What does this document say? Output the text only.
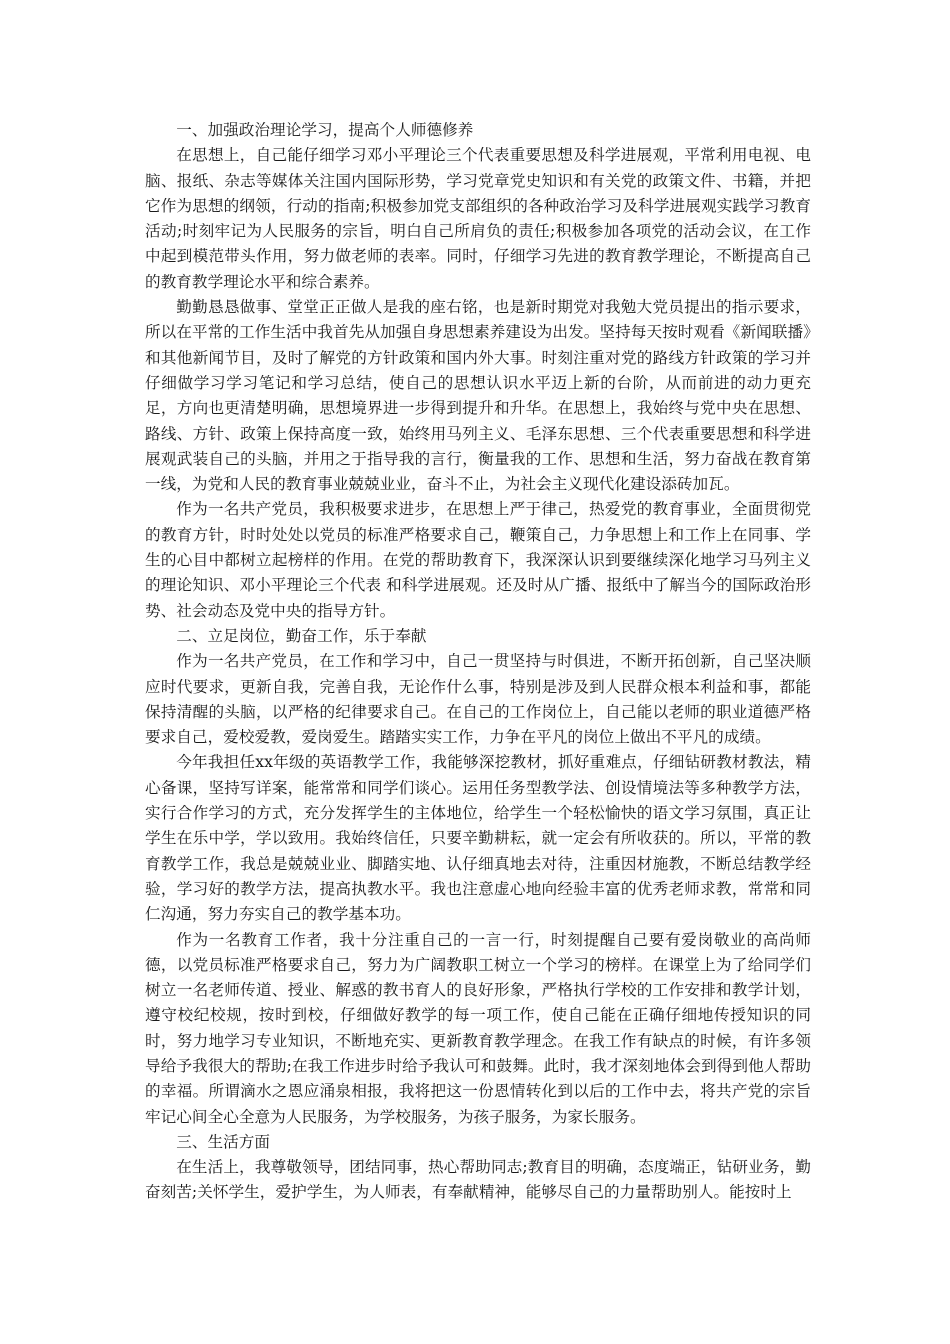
一、加强政治理论学习，提高个人师德修养

在思想上，自己能仔细学习邓小平理论三个代表重要思想及科学进展观，平常利用电视、电脑、报纸、杂志等媒体关注国内国际形势，学习党章党史知识和有关党的政策文件、书籍，并把它作为思想的纲领，行动的指南;积极参加党支部组织的各种政治学习及科学进展观实践学习教育活动;时刻牢记为人民服务的宗旨，明白自己所肩负的责任;积极参加各项党的活动会议，在工作中起到模范带头作用，努力做老师的表率。同时，仔细学习先进的教育教学理论，不断提高自己的教育教学理论水平和综合素养。

勤勤恳恳做事、堂堂正正做人是我的座右铭，也是新时期党对我勉大党员提出的指示要求，所以在平常的工作生活中我首先从加强自身思想素养建设为出发。坚持每天按时观看《新闻联播》和其他新闻节目，及时了解党的方针政策和国内外大事。时刻注重对党的路线方针政策的学习并仔细做学习学习笔记和学习总结，使自己的思想认识水平迈上新的台阶，从而前进的动力更充足，方向也更清楚明确，思想境界进一步得到提升和升华。在思想上，我始终与党中央在思想、路线、方针、政策上保持高度一致，始终用马列主义、毛泽东思想、三个代表重要思想和科学进展观武装自己的头脑，并用之于指导我的言行，衡量我的工作、思想和生活，努力奋战在教育第一线，为党和人民的教育事业兢兢业业，奋斗不止，为社会主义现代化建设添砖加瓦。

作为一名共产党员，我积极要求进步，在思想上严于律己，热爱党的教育事业，全面贯彻党的教育方针，时时处处以党员的标准严格要求自己，鞭策自己，力争思想上和工作上在同事、学生的心目中都树立起榜样的作用。在党的帮助教育下，我深深认识到要继续深化地学习马列主义的理论知识、邓小平理论三个代表 和科学进展观。还及时从广播、报纸中了解当今的国际政治形势、社会动态及党中央的指导方针。

二、立足岗位，勤奋工作，乐于奉献

作为一名共产党员，在工作和学习中，自己一贯坚持与时俱进，不断开拓创新，自己坚决顺应时代要求，更新自我，完善自我，无论作什么事，特别是涉及到人民群众根本利益和事，都能保持清醒的头脑，以严格的纪律要求自己。在自己的工作岗位上，自己能以老师的职业道德严格要求自己，爱校爱教，爱岗爱生。踏踏实实工作，力争在平凡的岗位上做出不平凡的成绩。

今年我担任xx年级的英语教学工作，我能够深挖教材，抓好重难点，仔细钻研教材教法，精心备课，坚持写详案，能常常和同学们谈心。运用任务型教学法、创设情境法等多种教学方法，实行合作学习的方式，充分发挥学生的主体地位，给学生一个轻松愉快的语文学习氛围，真正让学生在乐中学，学以致用。我始终信任，只要辛勤耕耘，就一定会有所收获的。所以，平常的教育教学工作，我总是兢兢业业、脚踏实地、认仔细真地去对待，注重因材施教，不断总结教学经验，学习好的教学方法，提高执教水平。我也注意虚心地向经验丰富的优秀老师求教，常常和同仁沟通，努力夯实自己的教学基本功。

作为一名教育工作者，我十分注重自己的一言一行，时刻提醒自己要有爱岗敬业的高尚师德，以党员标准严格要求自己，努力为广阔教职工树立一个学习的榜样。在课堂上为了给同学们树立一名老师传道、授业、解惑的教书育人的良好形象，严格执行学校的工作安排和教学计划，遵守校纪校规，按时到校，仔细做好教学的每一项工作，使自己能在正确仔细地传授知识的同时，努力地学习专业知识，不断地充实、更新教育教学理念。在我工作有缺点的时候，有许多领导给予我很大的帮助;在我工作进步时给予我认可和鼓舞。此时，我才深刻地体会到得到他人帮助的幸福。所谓滴水之恩应涌泉相报，我将把这一份恩情转化到以后的工作中去，将共产党的宗旨牢记心间全心全意为人民服务，为学校服务，为孩子服务，为家长服务。

三、生活方面

在生活上，我尊敬领导，团结同事，热心帮助同志;教育目的明确，态度端正，钻研业务，勤奋刻苦;关怀学生，爱护学生，为人师表，有奉献精神，能够尽自己的力量帮助别人。能按时上
